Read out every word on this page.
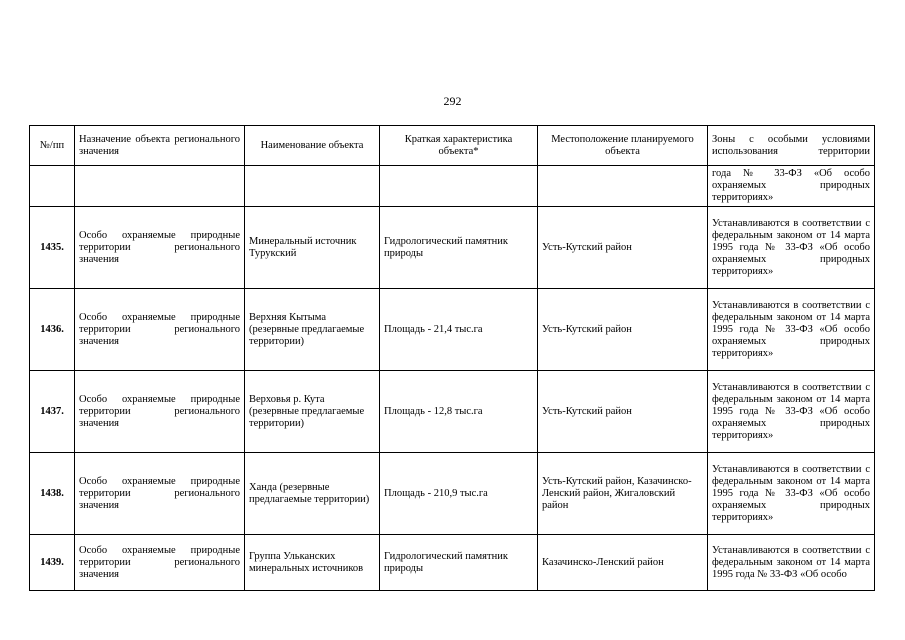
292
№/пп	Назначение объекта регионального значения	Наименование объекта	Краткая характеристика объекта*	Местоположение планируемого объекта	Зоны с особыми условиями использования территории
					года № 33-ФЗ «Об особо охраняемых природных территориях»
1435.	Особо охраняемые природные территории регионального значения	Минеральный источник Турукский	Гидрологический памятник природы	Усть-Кутский район	Устанавливаются в соответствии с федеральным законом от 14 марта 1995 года № 33-ФЗ «Об особо охраняемых природных территориях»
1436.	Особо охраняемые природные территории регионального значения	Верхняя Кытыма (резервные предлагаемые территории)	Площадь - 21,4 тыс.га	Усть-Кутский район	Устанавливаются в соответствии с федеральным законом от 14 марта 1995 года № 33-ФЗ «Об особо охраняемых природных территориях»
1437.	Особо охраняемые природные территории регионального значения	Верховья р. Кута (резервные предлагаемые территории)	Площадь - 12,8 тыс.га	Усть-Кутский район	Устанавливаются в соответствии с федеральным законом от 14 марта 1995 года № 33-ФЗ «Об особо охраняемых природных территориях»
1438.	Особо охраняемые природные территории регионального значения	Ханда (резервные предлагаемые территории)	Площадь - 210,9 тыс.га	Усть-Кутский район, Казачинско-Ленский район, Жигаловский район	Устанавливаются в соответствии с федеральным законом от 14 марта 1995 года № 33-ФЗ «Об особо охраняемых природных территориях»
1439.	Особо охраняемые природные территории регионального значения	Группа Ульканских минеральных источников	Гидрологический памятник природы	Казачинско-Ленский район	Устанавливаются в соответствии с федеральным законом от 14 марта 1995 года № 33-ФЗ «Об особо
